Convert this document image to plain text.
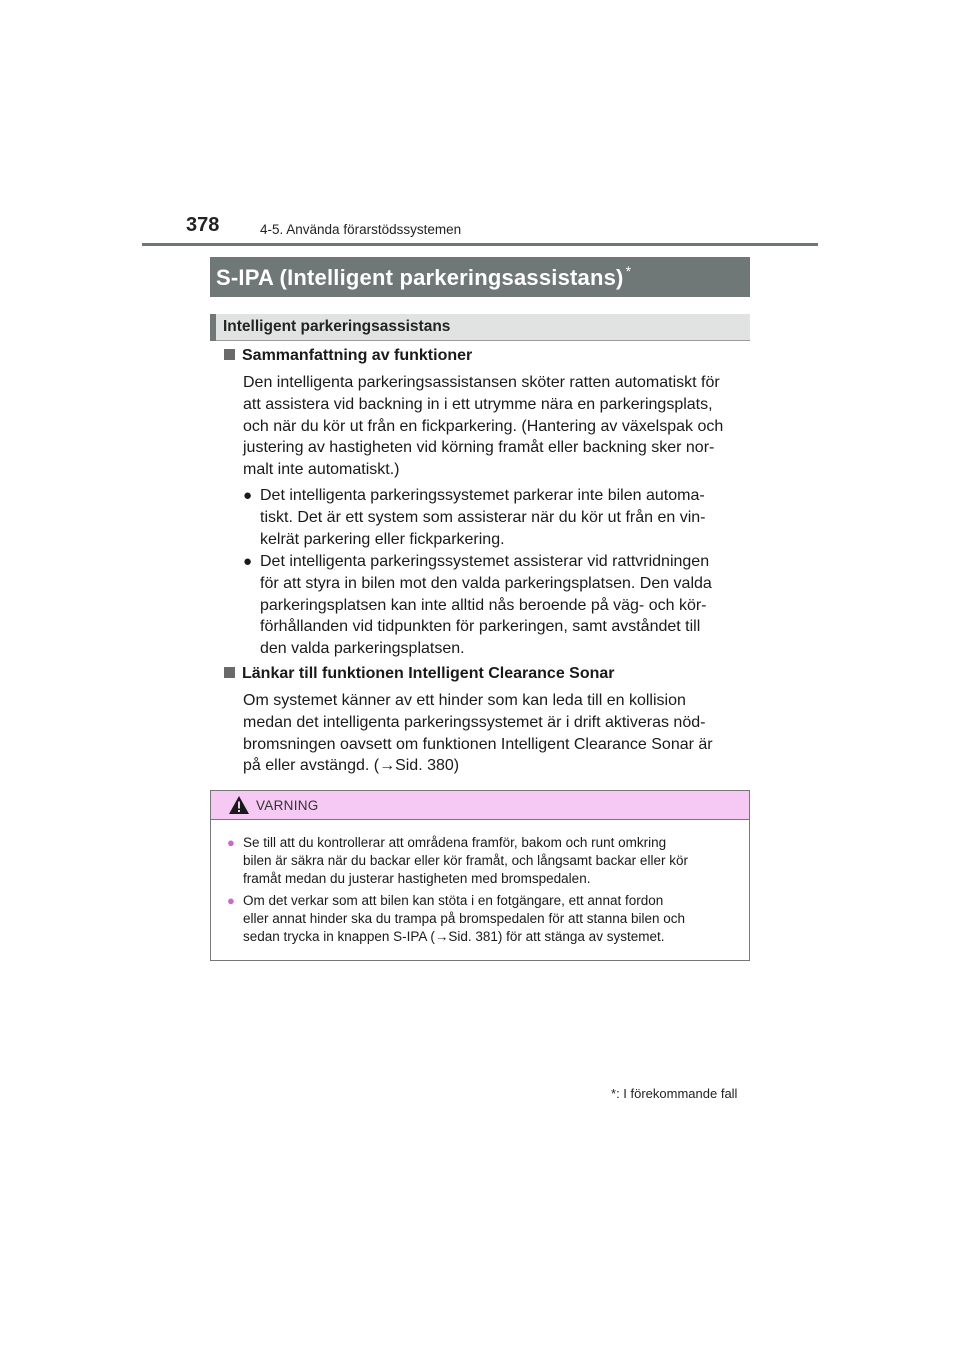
378	4-5. Använda förarstödssystemen
S-IPA (Intelligent parkeringsassistans) *
Intelligent parkeringsassistans
Sammanfattning av funktioner
Den intelligenta parkeringsassistansen sköter ratten automatiskt för
att assistera vid backning in i ett utrymme nära en parkeringsplats,
och när du kör ut från en fickparkering. (Hantering av växelspak och
justering av hastigheten vid körning framåt eller backning sker nor-
malt inte automatiskt.)
● Det intelligenta parkeringssystemet parkerar inte bilen automa-
tiskt. Det är ett system som assisterar när du kör ut från en vin-
kelrät parkering eller fickparkering.
● Det intelligenta parkeringssystemet assisterar vid rattvridningen
för att styra in bilen mot den valda parkeringsplatsen. Den valda
parkeringsplatsen kan inte alltid nås beroende på väg- och kör-
förhållanden vid tidpunkten för parkeringen, samt avståndet till
den valda parkeringsplatsen.
Länkar till funktionen Intelligent Clearance Sonar
Om systemet känner av ett hinder som kan leda till en kollision
medan det intelligenta parkeringssystemet är i drift aktiveras nöd-
bromsningen oavsett om funktionen Intelligent Clearance Sonar är
på eller avstängd. (→Sid. 380)
VARNING
● Se till att du kontrollerar att områdena framför, bakom och runt omkring
bilen är säkra när du backar eller kör framåt, och långsamt backar eller kör
framåt medan du justerar hastigheten med bromspedalen.
● Om det verkar som att bilen kan stöta i en fotgängare, ett annat fordon
eller annat hinder ska du trampa på bromspedalen för att stanna bilen och
sedan trycka in knappen S-IPA (→Sid. 381) för att stänga av systemet.
*: I förekommande fall
